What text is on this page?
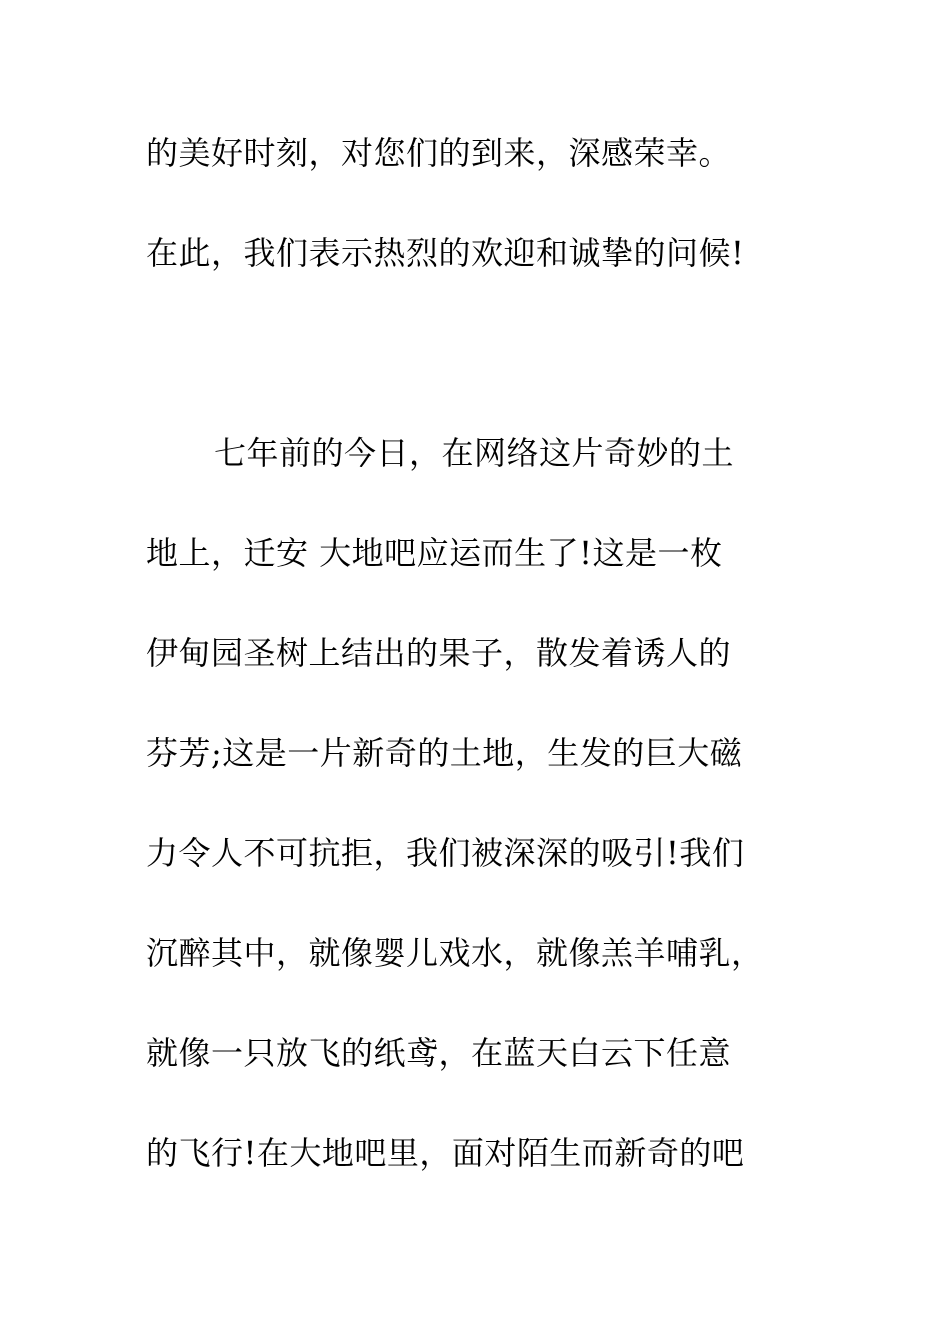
的美好时刻，对您们的到来，深感荣幸。

在此，我们表示热烈的欢迎和诚挚的问候!

七年前的今日，在网络这片奇妙的土

地上，迁安 大地吧应运而生了!这是一枚

伊甸园圣树上结出的果子，散发着诱人的

芬芳;这是一片新奇的土地，生发的巨大磁

力令人不可抗拒，我们被深深的吸引!我们

沉醉其中，就像婴儿戏水，就像羔羊哺乳，

就像一只放飞的纸鸢，在蓝天白云下任意

的飞行!在大地吧里，面对陌生而新奇的吧
